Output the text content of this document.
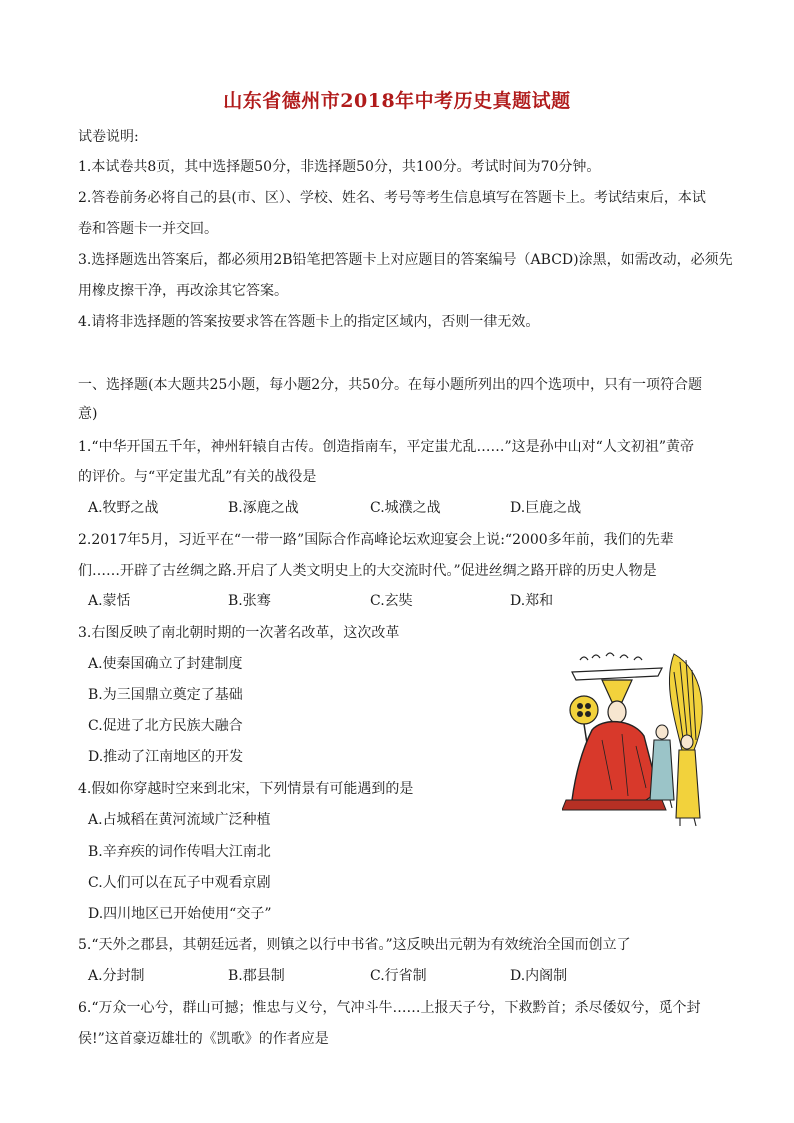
山东省德州市2018年中考历史真题试题
试卷说明:
1.本试卷共8页，其中选择题50分，非选择题50分，共100分。考试时间为70分钟。
2.答卷前务必将自己的县(市、区）、学校、姓名、考号等考生信息填写在答题卡上。考试结束后，本试
卷和答题卡一并交回。
3.选择题选出答案后，都必须用2B铅笔把答题卡上对应题目的答案编号（ABCD)涂黑，如需改动，必须先
用橡皮擦干净，再改涂其它答案。
4.请将非选择题的答案按要求答在答题卡上的指定区域内，否则一律无效。
一、选择题(本大题共25小题，每小题2分，共50分。在每小题所列出的四个选项中，只有一项符合题
意)
1.“中华开国五千年，神州轩辕自古传。创造指南车，平定蚩尤乱……”这是孙中山对“人文初祖”黄帝
的评价。与“平定蚩尤乱”有关的战役是
A.牧野之战	B.涿鹿之战	C.城濮之战	D.巨鹿之战
2.2017年5月，习近平在“一带一路”国际合作高峰论坛欢迎宴会上说:“2000多年前，我们的先辈
们……开辟了古丝绸之路.开启了人类文明史上的大交流时代。”促进丝绸之路开辟的历史人物是
A.蒙恬	B.张骞	C.玄奘	D.郑和
3.右图反映了南北朝时期的一次著名改革，这次改革
A.使秦国确立了封建制度
B.为三国鼎立奠定了基础
C.促进了北方民族大融合
D.推动了江南地区的开发
4.假如你穿越时空来到北宋，下列情景有可能遇到的是
A.占城稻在黄河流域广泛种植
B.辛弃疾的词作传唱大江南北
C.人们可以在瓦子中观看京剧
D.四川地区已开始使用“交子”
5.“天外之郡县，其朝廷远者，则镇之以行中书省。”这反映出元朝为有效统治全国而创立了
A.分封制	B.郡县制	C.行省制	D.内阁制
6.“万众一心兮，群山可撼；惟忠与义兮，气冲斗牛……上报天子兮，下救黔首；杀尽倭奴兮，觅个封
侯!”这首豪迈雄壮的《凯歌》的作者应是
